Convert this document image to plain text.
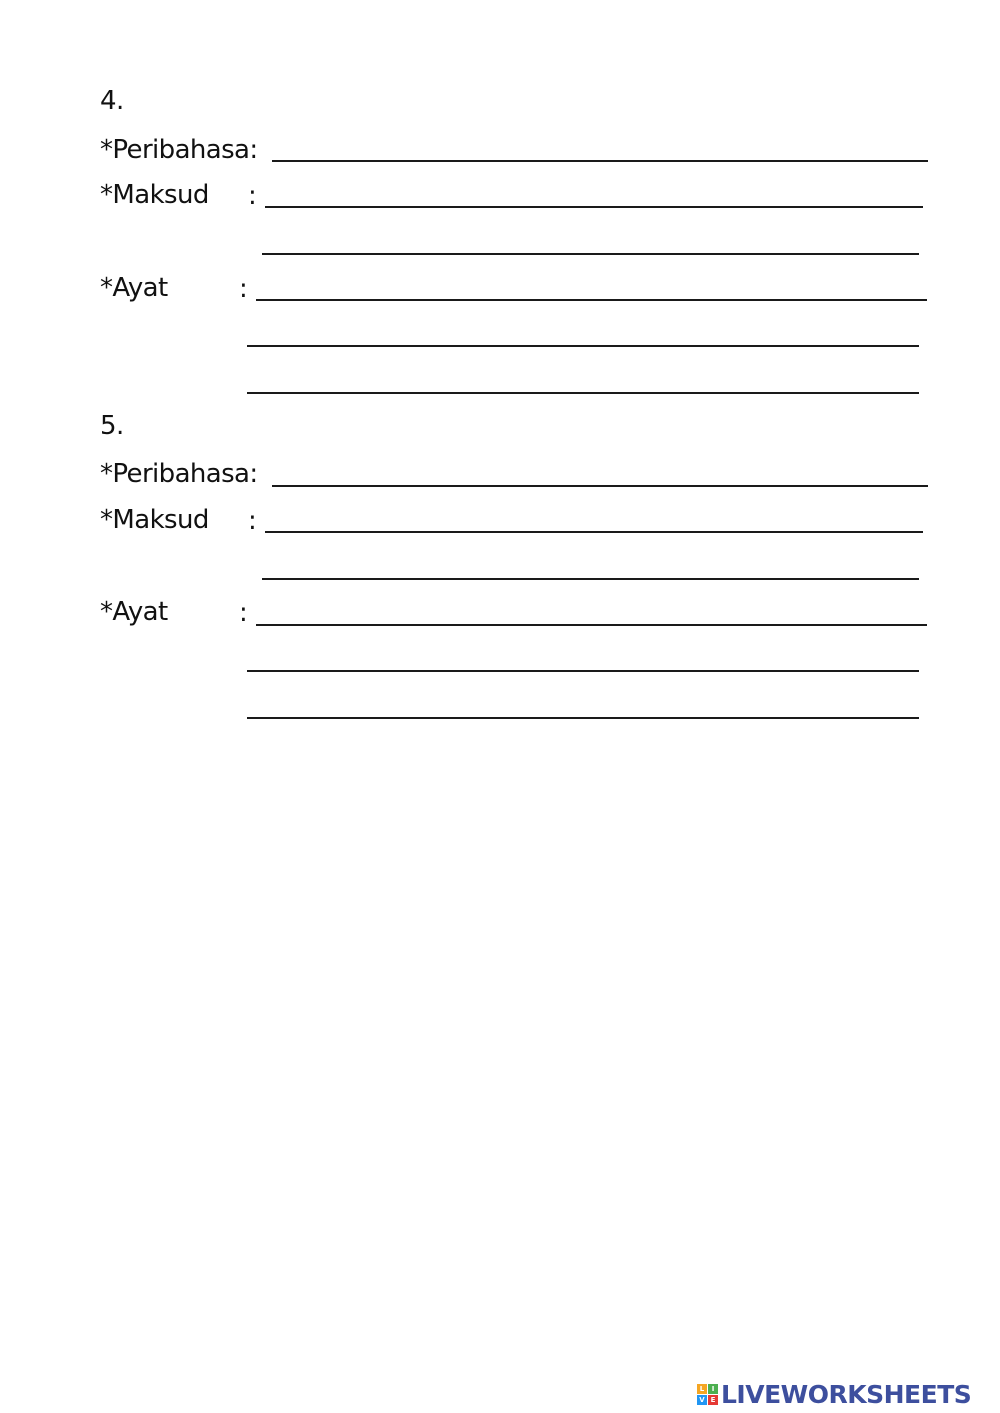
4.
*Peribahasa:
*Maksud :
*Ayat	:
5.
*Peribahasa:
*Maksud :
*Ayat	:
L	I
V E LIVEWORKSHEETS
